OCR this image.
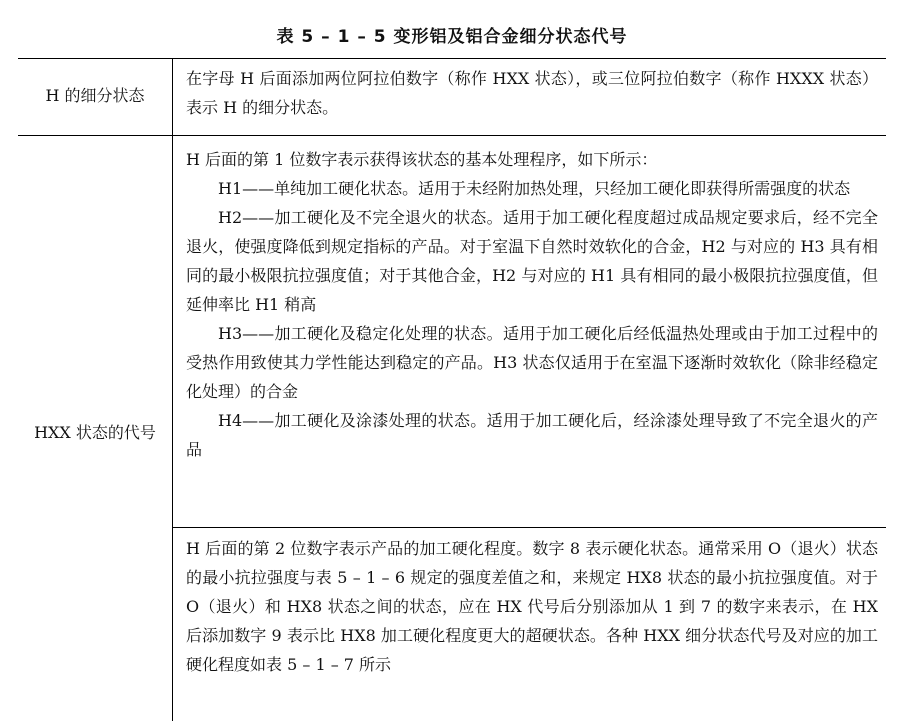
表 5 – 1 – 5 变形铝及铝合金细分状态代号
H 的细分状态

在字母 H 后面添加两位阿拉伯数字（称作 HXX 状态），或三位阿拉伯数字（称作 HXXX 状态）表示 H 的细分状态。

HXX 状态的代号

H 后面的第 1 位数字表示获得该状态的基本处理程序，如下所示：

H1——单纯加工硬化状态。适用于未经附加热处理，只经加工硬化即获得所需强度的状态

H2——加工硬化及不完全退火的状态。适用于加工硬化程度超过成品规定要求后，经不完全退火，使强度降低到规定指标的产品。对于室温下自然时效软化的合金，H2 与对应的 H3 具有相同的最小极限抗拉强度值；对于其他合金，H2 与对应的 H1 具有相同的最小极限抗拉强度值，但延伸率比 H1 稍高

H3——加工硬化及稳定化处理的状态。适用于加工硬化后经低温热处理或由于加工过程中的受热作用致使其力学性能达到稳定的产品。H3 状态仅适用于在室温下逐渐时效软化（除非经稳定化处理）的合金

H4——加工硬化及涂漆处理的状态。适用于加工硬化后，经涂漆处理导致了不完全退火的产品

H 后面的第 2 位数字表示产品的加工硬化程度。数字 8 表示硬化状态。通常采用 O（退火）状态的最小抗拉强度与表 5 – 1 – 6 规定的强度差值之和，来规定 HX8 状态的最小抗拉强度值。对于 O（退火）和 HX8 状态之间的状态，应在 HX 代号后分别添加从 1 到 7 的数字来表示，在 HX 后添加数字 9 表示比 HX8 加工硬化程度更大的超硬状态。各种 HXX 细分状态代号及对应的加工硬化程度如表 5 – 1 – 7 所示
